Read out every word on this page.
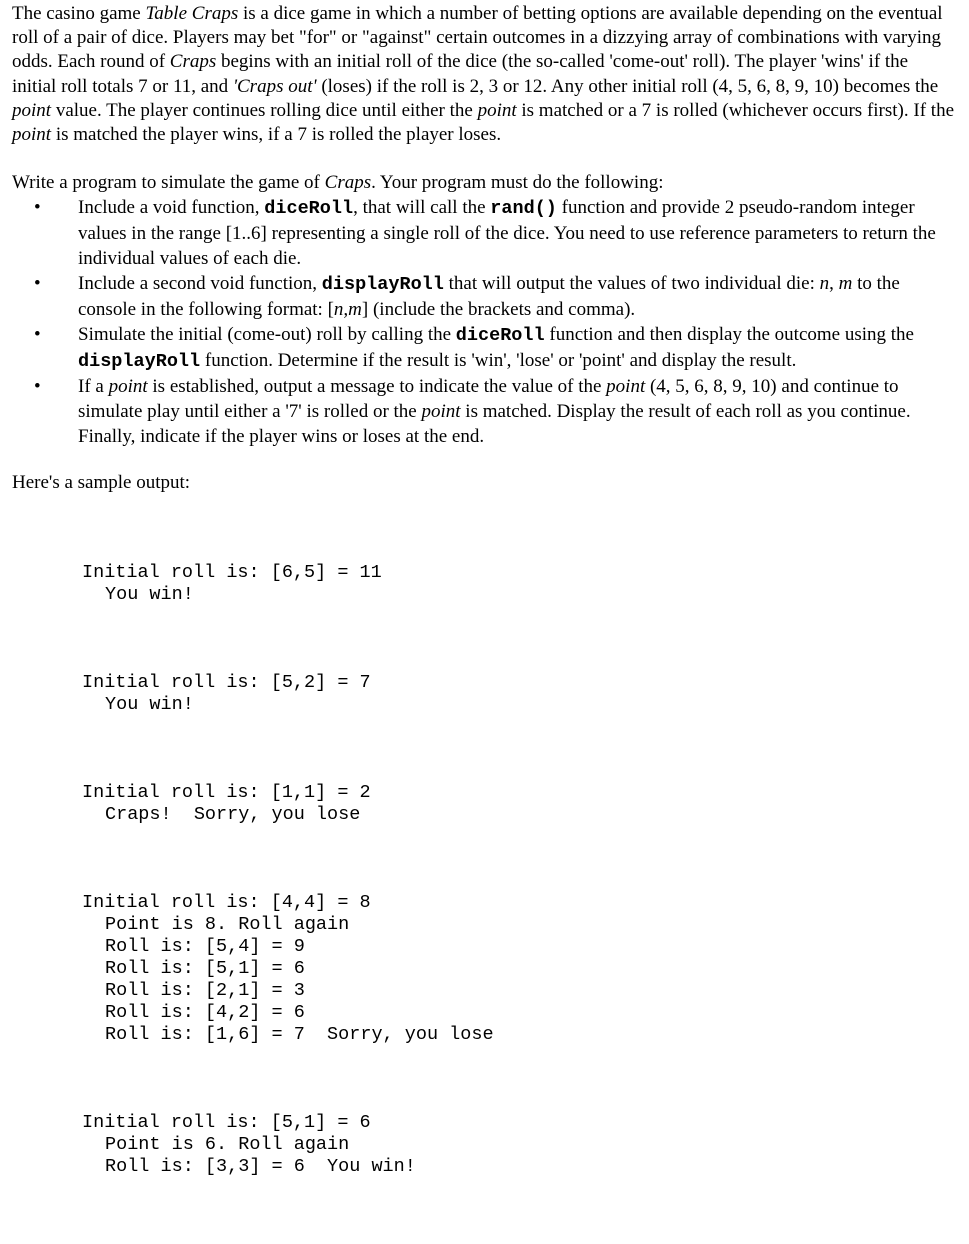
The casino game Table Craps is a dice game in which a number of betting options are available depending on the eventual roll of a pair of dice. Players may bet "for" or "against" certain outcomes in a dizzying array of combinations with varying odds. Each round of Craps begins with an initial roll of the dice (the so-called 'come-out' roll). The player 'wins' if the initial roll totals 7 or 11, and 'Craps out' (loses) if the roll is 2, 3 or 12. Any other initial roll (4, 5, 6, 8, 9, 10) becomes the point value. The player continues rolling dice until either the point is matched or a 7 is rolled (whichever occurs first). If the point is matched the player wins, if a 7 is rolled the player loses.

Write a program to simulate the game of Craps. Your program must do the following:

• Include a void function, diceRoll, that will call the rand() function and provide 2 pseudo-random integer values in the range [1..6] representing a single roll of the dice. You need to use reference parameters to return the individual values of each die.
• Include a second void function, displayRoll that will output the values of two individual die: n, m to the console in the following format: [n,m] (include the brackets and comma).
• Simulate the initial (come-out) roll by calling the diceRoll function and then display the outcome using the displayRoll function. Determine if the result is 'win', 'lose' or 'point' and display the result.
• If a point is established, output a message to indicate the value of the point (4, 5, 6, 8, 9, 10) and continue to simulate play until either a '7' is rolled or the point is matched. Display the result of each roll as you continue. Finally, indicate if the player wins or loses at the end.

Here's a sample output:

Initial roll is: [6,5] = 11
You win!

Initial roll is: [5,2] = 7
You win!

Initial roll is: [1,1] = 2
Craps!  Sorry, you lose

Initial roll is: [4,4] = 8
Point is 8. Roll again
Roll is: [5,4] = 9
Roll is: [5,1] = 6
Roll is: [2,1] = 3
Roll is: [4,2] = 6
Roll is: [1,6] = 7  Sorry, you lose

Initial roll is: [5,1] = 6
Point is 6. Roll again
Roll is: [3,3] = 6  You win!
